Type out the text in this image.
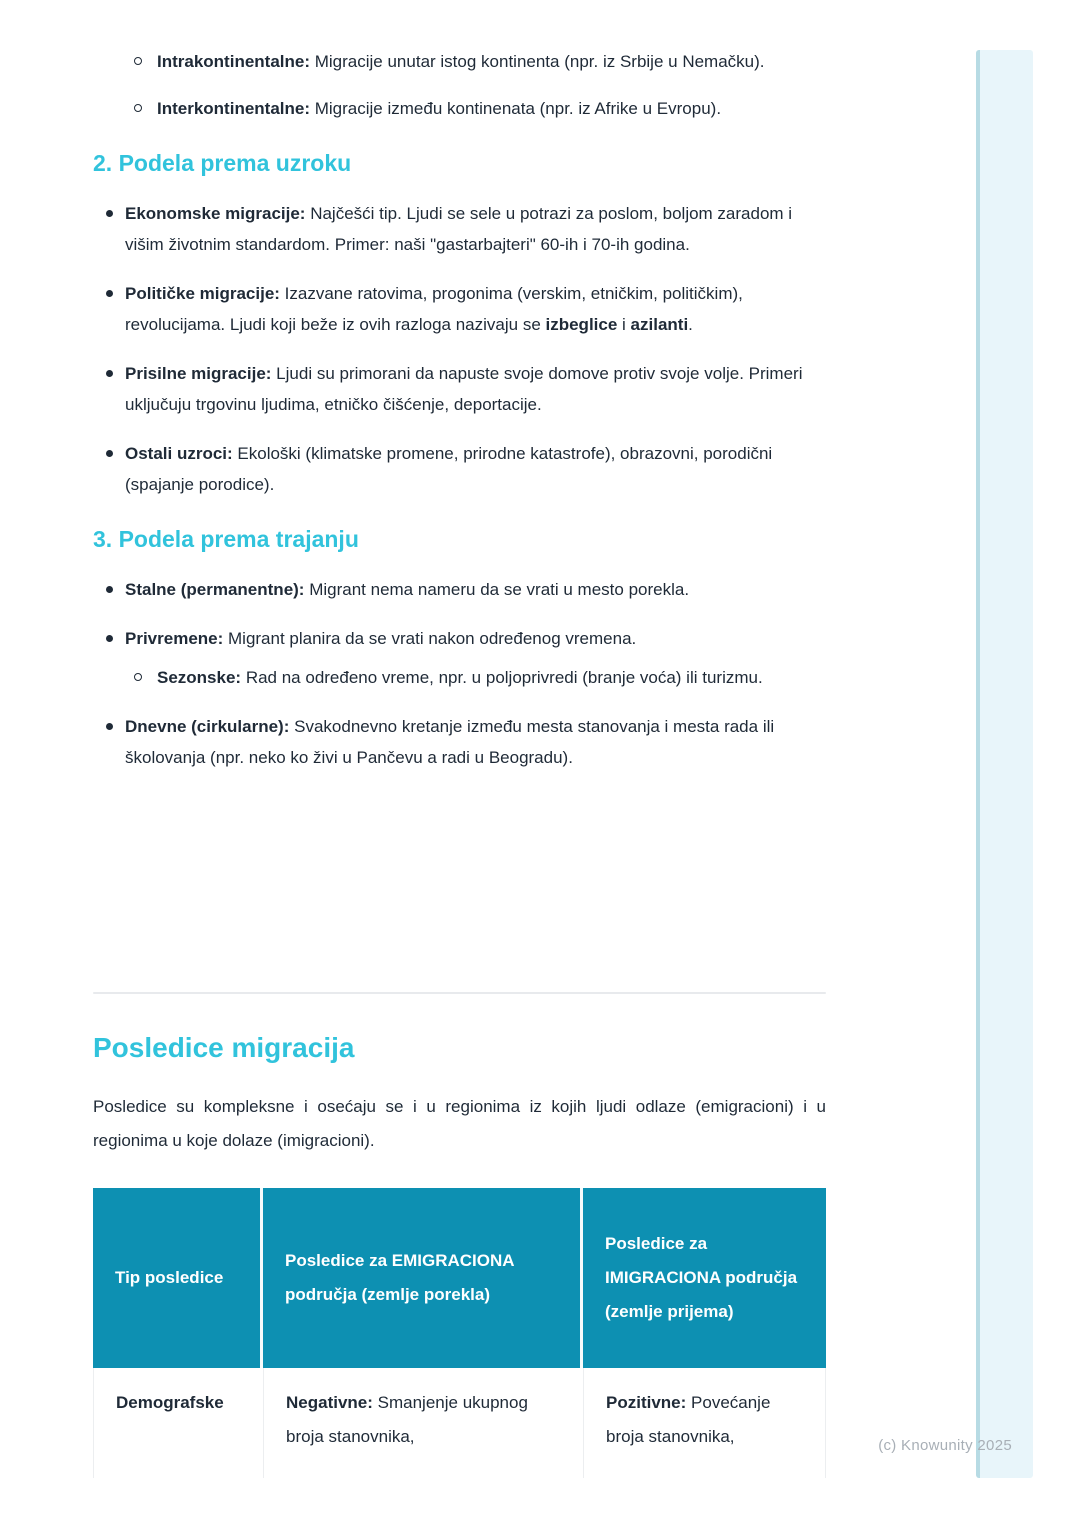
(c) Knowunity 2025
Intrakontinentalne: Migracije unutar istog kontinenta (npr. iz Srbije u Nemačku).
Interkontinentalne: Migracije između kontinenata (npr. iz Afrike u Evropu).
2. Podela prema uzroku
Ekonomske migracije: Najčešći tip. Ljudi se sele u potrazi za poslom, boljom zaradom i višim životnim standardom. Primer: naši "gastarbajteri" 60-ih i 70-ih godina.
Političke migracije: Izazvane ratovima, progonima (verskim, etničkim, političkim), revolucijama. Ljudi koji beže iz ovih razloga nazivaju se izbeglice i azilanti.
Prisilne migracije: Ljudi su primorani da napuste svoje domove protiv svoje volje. Primeri uključuju trgovinu ljudima, etničko čišćenje, deportacije.
Ostali uzroci: Ekološki (klimatske promene, prirodne katastrofe), obrazovni, porodični (spajanje porodice).
3. Podela prema trajanju
Stalne (permanentne): Migrant nema nameru da se vrati u mesto porekla.
Privremene: Migrant planira da se vrati nakon određenog vremena.
Sezonske: Rad na određeno vreme, npr. u poljoprivredi (branje voća) ili turizmu.
Dnevne (cirkularne): Svakodnevno kretanje između mesta stanovanja i mesta rada ili školovanja (npr. neko ko živi u Pančevu a radi u Beogradu).
Posledice migracija

Posledice su kompleksne i osećaju se i u regionima iz kojih ljudi odlaze (emigracioni) i u regionima u koje dolaze (imigracioni).

Tip posledice	Posledice za EMIGRACIONA područja (zemlje porekla)	Posledice za IMIGRACIONA područja (zemlje prijema)
Demografske	Negativne: Smanjenje ukupnog broja stanovnika,	Pozitivne: Povećanje broja stanovnika,
